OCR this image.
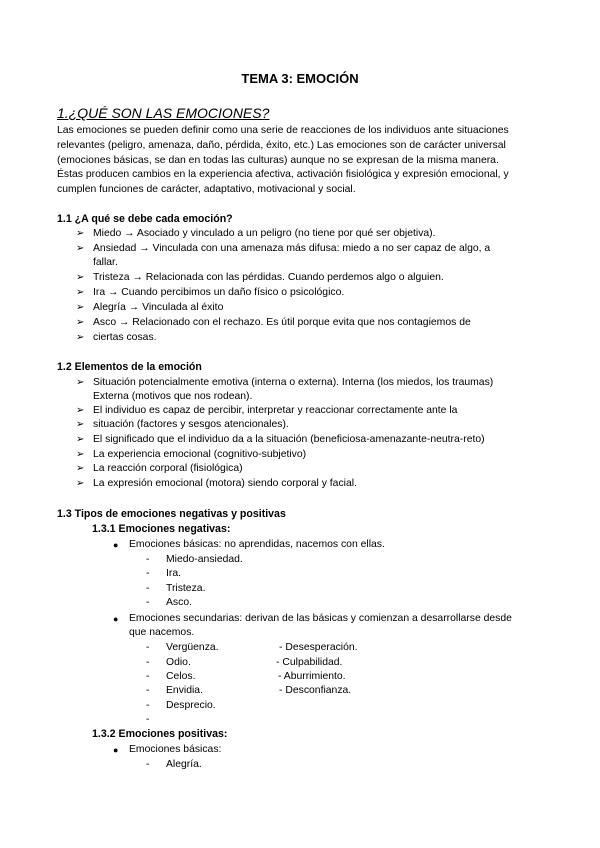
TEMA 3: EMOCIÓN
1.¿QUÉ SON LAS EMOCIONES?
Las emociones se pueden definir como una serie de reacciones de los individuos ante situaciones
relevantes (peligro, amenaza, daño, pérdida, éxito, etc.) Las emociones son de carácter universal
(emociones básicas, se dan en todas las culturas) aunque no se expresan de la misma manera.
Éstas producen cambios en la experiencia afectiva, activación fisiológica y expresión emocional, y
cumplen funciones de carácter, adaptativo, motivacional y social.
1.1 ¿A qué se debe cada emoción?
➢ Miedo → Asociado y vinculado a un peligro (no tiene por qué ser objetiva).
➢ Ansiedad → Vinculada con una amenaza más difusa: miedo a no ser capaz de algo, a
fallar.
➢ Tristeza → Relacionada con las pérdidas. Cuando perdemos algo o alguien.
➢ Ira → Cuando percibimos un daño físico o psicológico.
➢ Alegría → Vinculada al éxito
➢ Asco → Relacionado con el rechazo. Es útil porque evita que nos contagiemos de
➢ ciertas cosas.
1.2 Elementos de la emoción
➢ Situación potencialmente emotiva (interna o externa). Interna (los miedos, los traumas)
Externa (motivos que nos rodean).
➢ El individuo es capaz de percibir, interpretar y reaccionar correctamente ante la
➢ situación (factores y sesgos atencionales).
➢ El significado que el individuo da a la situación (beneficiosa-amenazante-neutra-reto)
➢ La experiencia emocional (cognitivo-subjetivo)
➢ La reacción corporal (fisiológica)
➢ La expresión emocional (motora) siendo corporal y facial.
1.3 Tipos de emociones negativas y positivas
1.3.1 Emociones negativas:
● Emociones básicas: no aprendidas, nacemos con ellas.
- Miedo-ansiedad.
- Ira.
- Tristeza.
- Asco.
● Emociones secundarias: derivan de las básicas y comienzan a desarrollarse desde
que nacemos.
- Vergüenza.	- Desesperación.
- Odio.	- Culpabilidad.
- Celos.	- Aburrimiento.
- Envidia.	- Desconfianza.
- Desprecio.
-
1.3.2 Emociones positivas:
● Emociones básicas:
- Alegría.
